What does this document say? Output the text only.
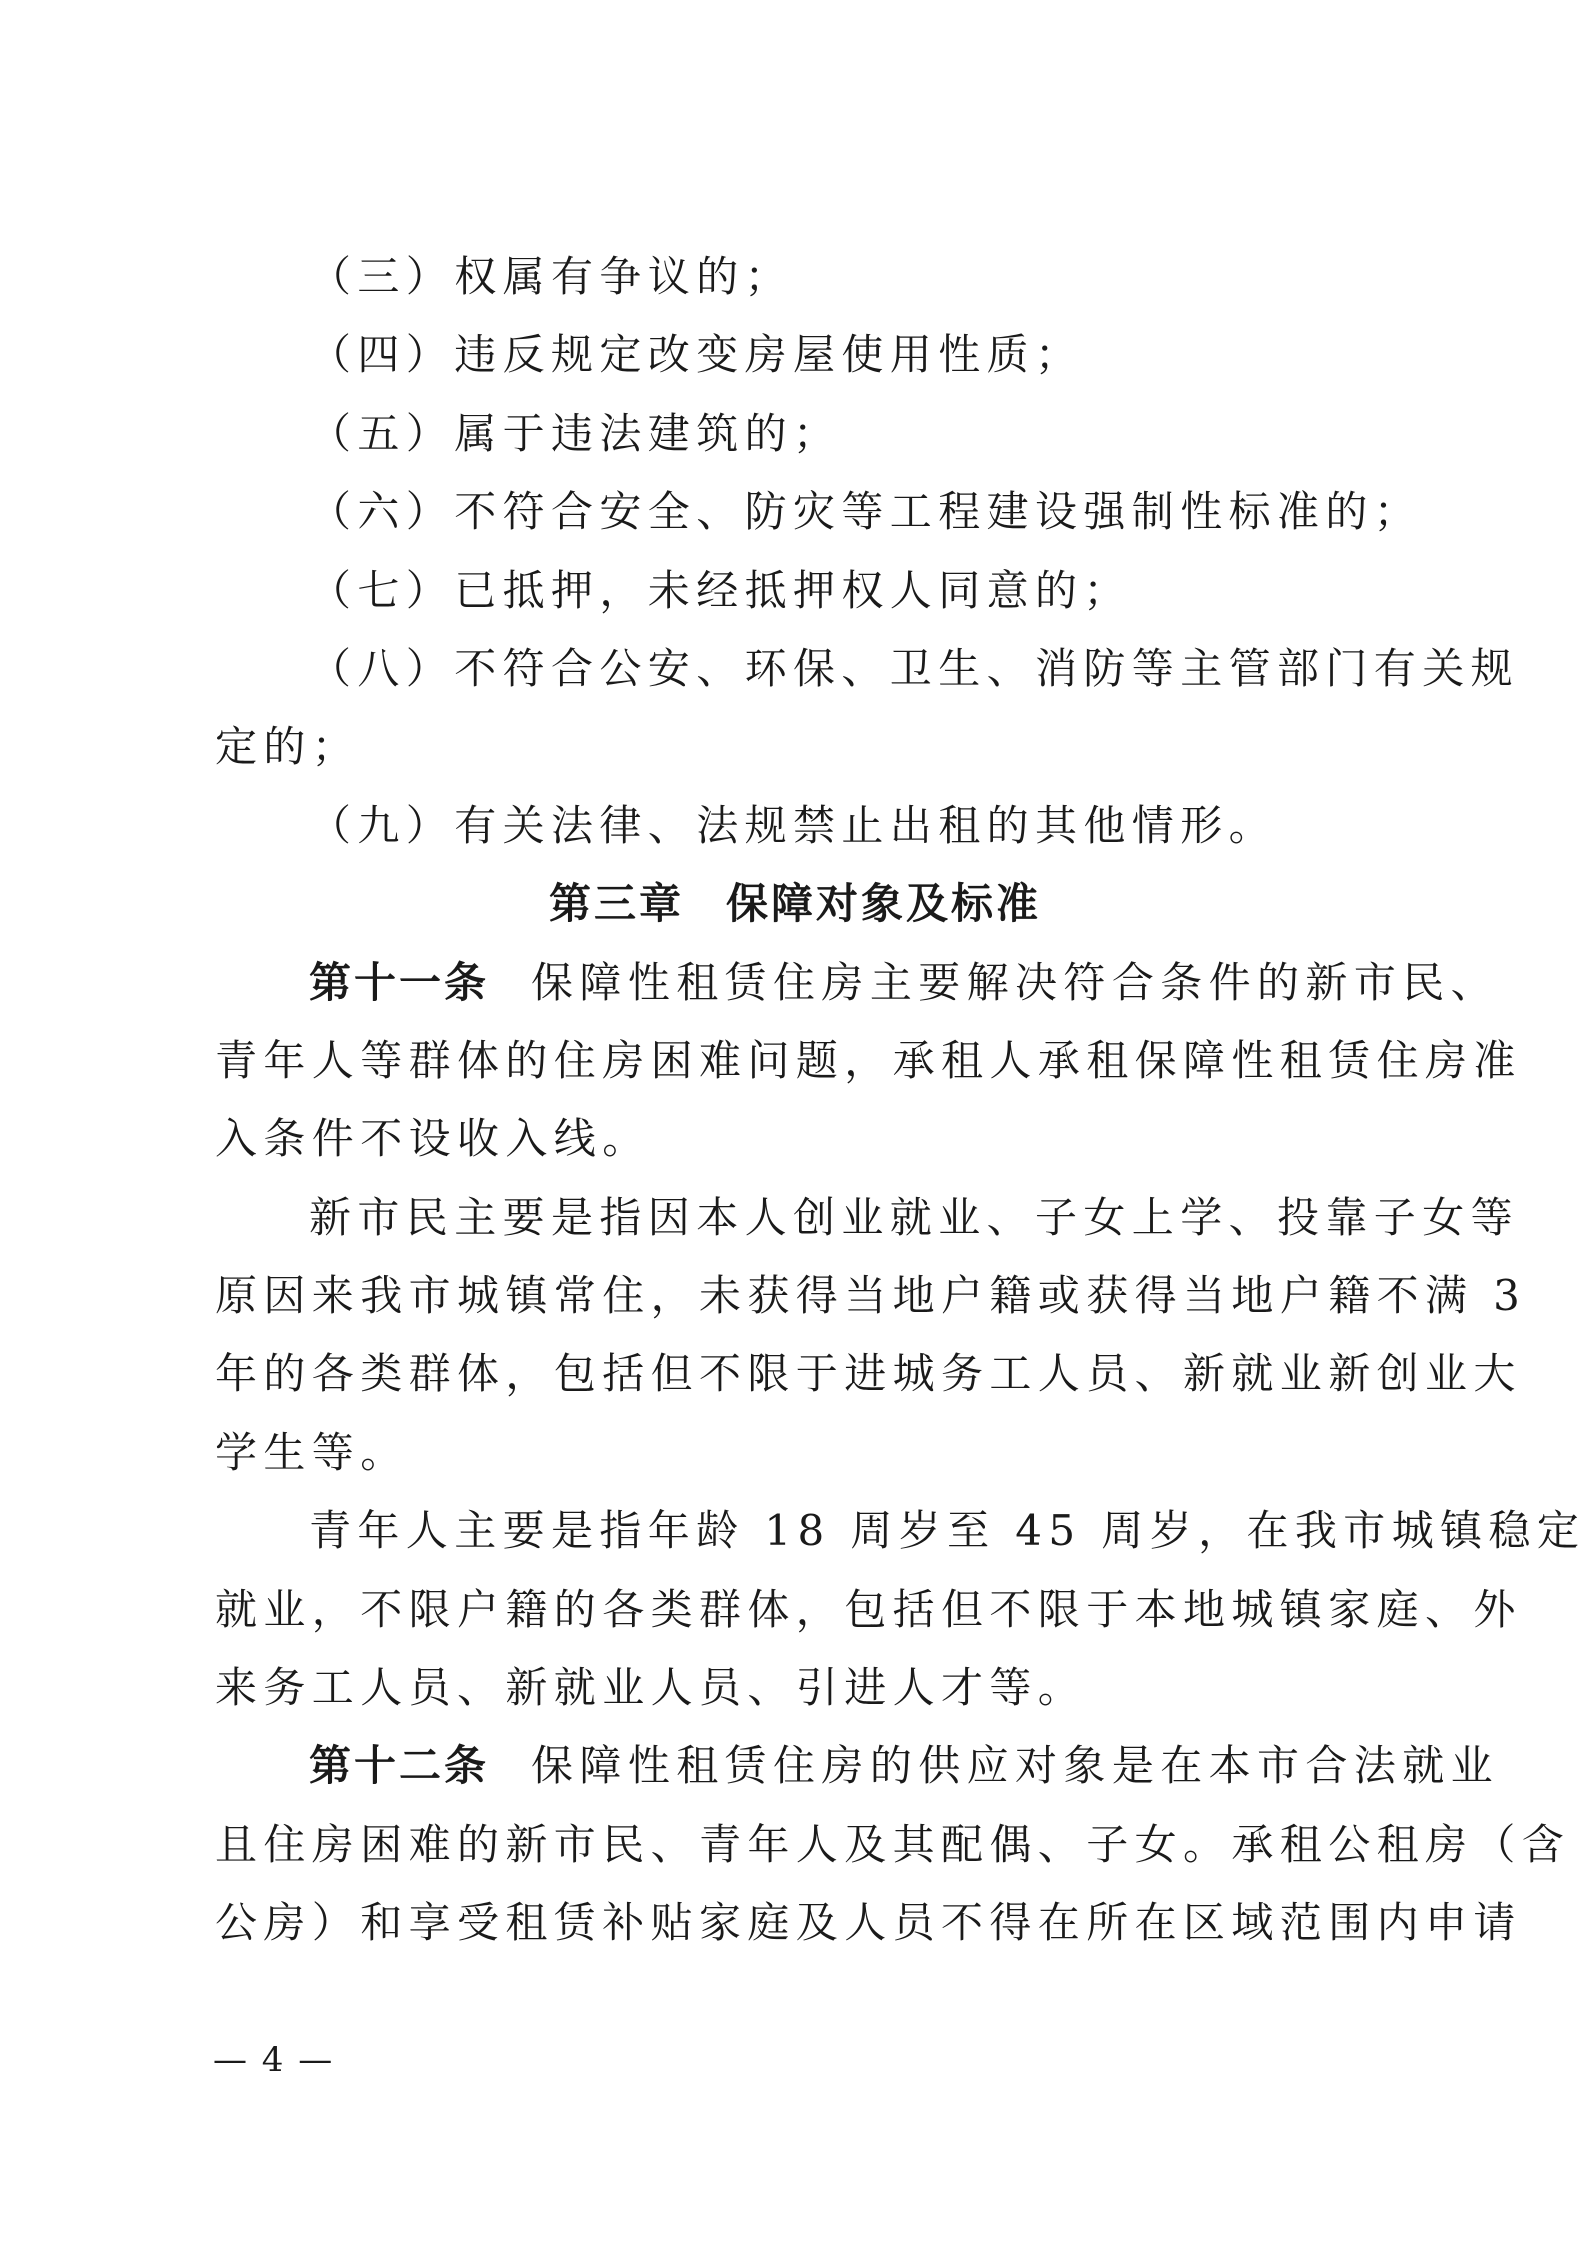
（三）权属有争议的；
（四）违反规定改变房屋使用性质；
（五）属于违法建筑的；
（六）不符合安全、防灾等工程建设强制性标准的；
（七）已抵押，未经抵押权人同意的；
（八）不符合公安、环保、卫生、消防等主管部门有关规
定的；
（九）有关法律、法规禁止出租的其他情形。
第三章 保障对象及标准
第十一条 保障性租赁住房主要解决符合条件的新市民、
青年人等群体的住房困难问题，承租人承租保障性租赁住房准
入条件不设收入线。
新市民主要是指因本人创业就业、子女上学、投靠子女等
原因来我市城镇常住，未获得当地户籍或获得当地户籍不满 3
年的各类群体，包括但不限于进城务工人员、新就业新创业大
学生等。
青年人主要是指年龄 18 周岁至 45 周岁，在我市城镇稳定
就业，不限户籍的各类群体，包括但不限于本地城镇家庭、外
来务工人员、新就业人员、引进人才等。
第十二条 保障性租赁住房的供应对象是在本市合法就业
且住房困难的新市民、青年人及其配偶、子女。承租公租房（含
公房）和享受租赁补贴家庭及人员不得在所在区域范围内申请
— 4 —
